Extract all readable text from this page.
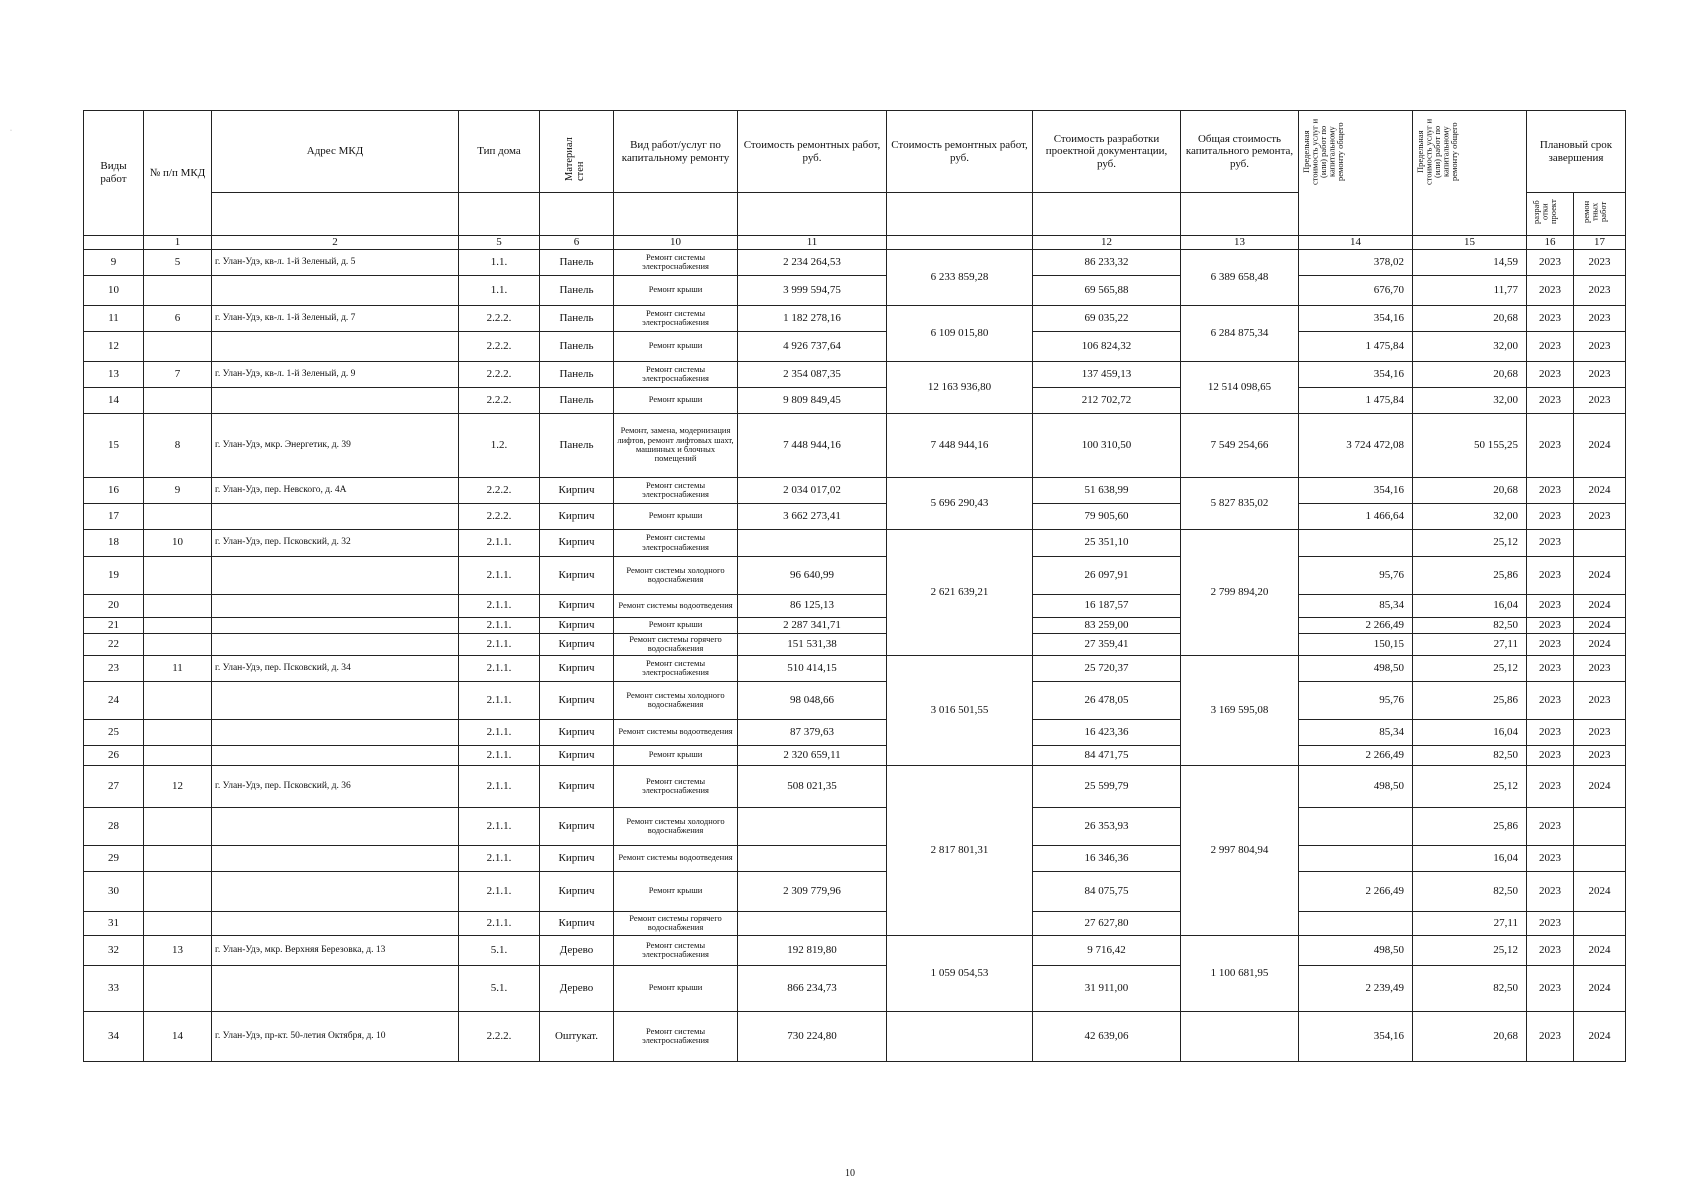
·
Виды работ	№ п/п МКД	Адрес МКД	Тип дома	Материал стен	Вид работ/услуг по капитальному ремонту	Стоимость ремонтных работ, руб.	Стоимость ремонтных работ, руб.	Стоимость разработки проектной документации, руб.	Общая стоимость капитального ремонта, руб.	Предельная стоимость услуг и (или) работ по капитальному ремонту общего	Предельная стоимость услуг и (или) работ по капитальному ремонту общего	Плановый срок завершения	
												разраб отки проект	ремон тных работ
	1	2	5	6	10	11		12	13	14	15	16	17
9	5	г. Улан-Удэ, кв-л. 1-й Зеленый, д. 5	1.1.	Панель	Ремонт системы электроснабжения	2 234 264,53	6 233 859,28	86 233,32	6 389 658,48	378,02	14,59	2023	2023
10			1.1.	Панель	Ремонт крыши	3 999 594,75		69 565,88		676,70	11,77	2023	2023
11	6	г. Улан-Удэ, кв-л. 1-й Зеленый, д. 7	2.2.2.	Панель	Ремонт системы электроснабжения	1 182 278,16	6 109 015,80	69 035,22	6 284 875,34	354,16	20,68	2023	2023
12			2.2.2.	Панель	Ремонт крыши	4 926 737,64		106 824,32		1 475,84	32,00	2023	2023
13	7	г. Улан-Удэ, кв-л. 1-й Зеленый, д. 9	2.2.2.	Панель	Ремонт системы электроснабжения	2 354 087,35	12 163 936,80	137 459,13	12 514 098,65	354,16	20,68	2023	2023
14			2.2.2.	Панель	Ремонт крыши	9 809 849,45		212 702,72		1 475,84	32,00	2023	2023
15	8	г. Улан-Удэ, мкр. Энергетик, д. 39	1.2.	Панель	Ремонт, замена, модернизация лифтов, ремонт лифтовых шахт, машинных и блочных помещений	7 448 944,16	7 448 944,16	100 310,50	7 549 254,66	3 724 472,08	50 155,25	2023	2024
16	9	г. Улан-Удэ, пер. Невского, д. 4А	2.2.2.	Кирпич	Ремонт системы электроснабжения	2 034 017,02	5 696 290,43	51 638,99	5 827 835,02	354,16	20,68	2023	2024
17			2.2.2.	Кирпич	Ремонт крыши	3 662 273,41		79 905,60		1 466,64	32,00	2023	2023
18	10	г. Улан-Удэ, пер. Псковский, д. 32	2.1.1.	Кирпич	Ремонт системы электроснабжения		2 621 639,21	25 351,10	2 799 894,20		25,12	2023	
19			2.1.1.	Кирпич	Ремонт системы холодного водоснабжения	96 640,99		26 097,91		95,76	25,86	2023	2024
20			2.1.1.	Кирпич	Ремонт системы водоотведения	86 125,13		16 187,57		85,34	16,04	2023	2024
21			2.1.1.	Кирпич	Ремонт крыши	2 287 341,71		83 259,00		2 266,49	82,50	2023	2024
22			2.1.1.	Кирпич	Ремонт системы горячего водоснабжения	151 531,38		27 359,41		150,15	27,11	2023	2024
23	11	г. Улан-Удэ, пер. Псковский, д. 34	2.1.1.	Кирпич	Ремонт системы электроснабжения	510 414,15	3 016 501,55	25 720,37	3 169 595,08	498,50	25,12	2023	2023
24			2.1.1.	Кирпич	Ремонт системы холодного водоснабжения	98 048,66		26 478,05		95,76	25,86	2023	2023
25			2.1.1.	Кирпич	Ремонт системы водоотведения	87 379,63		16 423,36		85,34	16,04	2023	2023
26			2.1.1.	Кирпич	Ремонт крыши	2 320 659,11		84 471,75		2 266,49	82,50	2023	2023
27	12	г. Улан-Удэ, пер. Псковский, д. 36	2.1.1.	Кирпич	Ремонт системы электроснабжения	508 021,35	2 817 801,31	25 599,79	2 997 804,94	498,50	25,12	2023	2024
28			2.1.1.	Кирпич	Ремонт системы холодного водоснабжения			26 353,93			25,86	2023	
29			2.1.1.	Кирпич	Ремонт системы водоотведения			16 346,36			16,04	2023	
30			2.1.1.	Кирпич	Ремонт крыши	2 309 779,96		84 075,75		2 266,49	82,50	2023	2024
31			2.1.1.	Кирпич	Ремонт системы горячего водоснабжения			27 627,80			27,11	2023	
32	13	г. Улан-Удэ, мкр. Верхняя Березовка, д. 13	5.1.	Дерево	Ремонт системы электроснабжения	192 819,80	1 059 054,53	9 716,42	1 100 681,95	498,50	25,12	2023	2024
33			5.1.	Дерево	Ремонт крыши	866 234,73		31 911,00		2 239,49	82,50	2023	2024
34	14	г. Улан-Удэ, пр-кт. 50-летия Октября, д. 10	2.2.2.	Оштукат.	Ремонт системы электроснабжения	730 224,80		42 639,06		354,16	20,68	2023	2024
10
